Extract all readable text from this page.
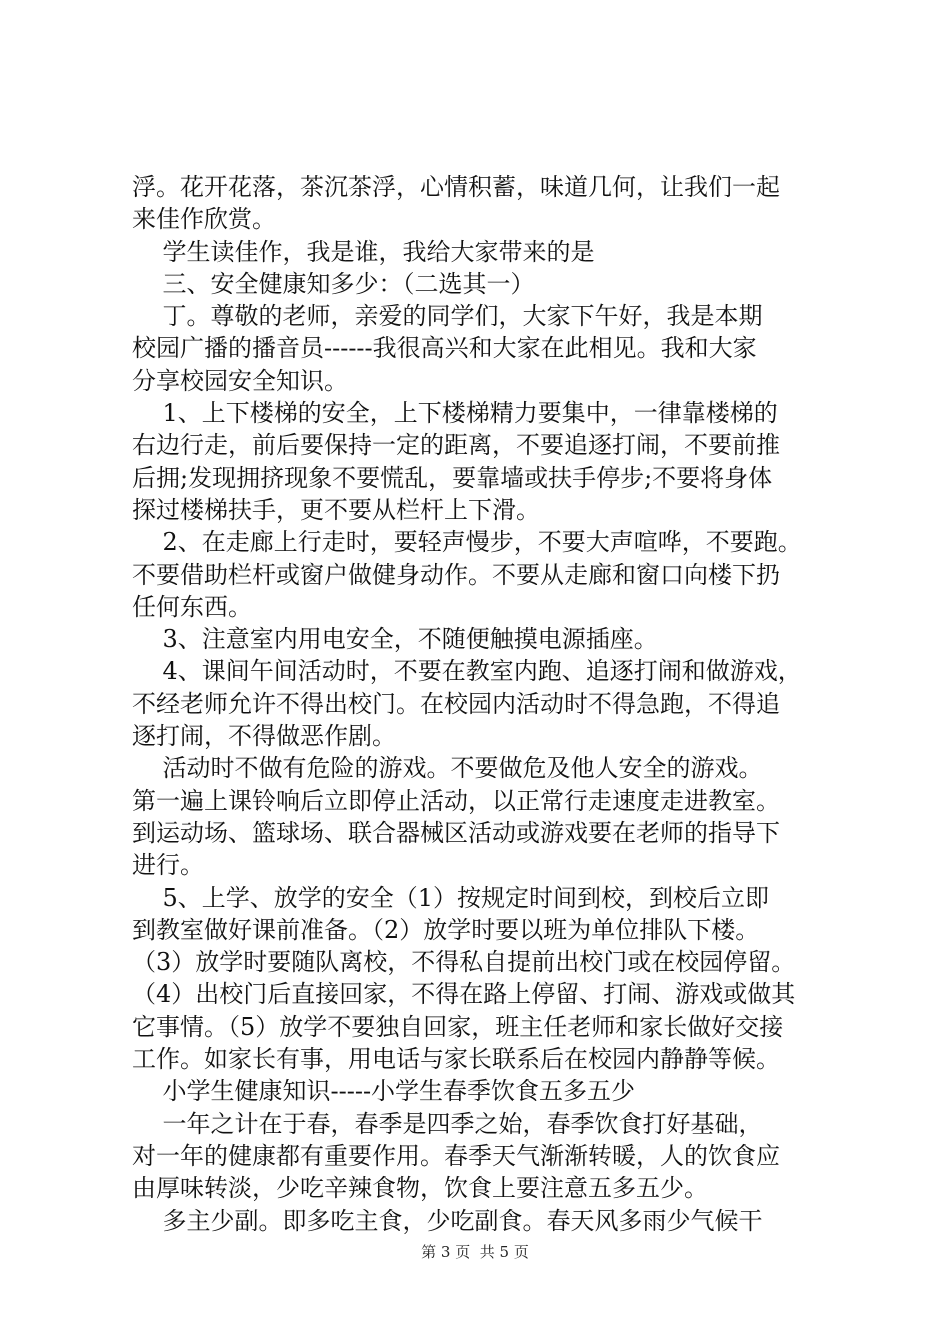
浮。花开花落，茶沉茶浮，心情积蓄，味道几何，让我们一起
来佳作欣赏。
学生读佳作，我是谁，我给大家带来的是
三、安全健康知多少：（二选其一）
丁。尊敬的老师，亲爱的同学们，大家下午好，我是本期
校园广播的播音员------我很高兴和大家在此相见。我和大家
分享校园安全知识。
1、上下楼梯的安全，上下楼梯精力要集中，一律靠楼梯的
右边行走，前后要保持一定的距离，不要追逐打闹，不要前推
后拥;发现拥挤现象不要慌乱，要靠墙或扶手停步;不要将身体
探过楼梯扶手，更不要从栏杆上下滑。
2、在走廊上行走时，要轻声慢步，不要大声喧哗，不要跑。
不要借助栏杆或窗户做健身动作。不要从走廊和窗口向楼下扔
任何东西。
3、注意室内用电安全，不随便触摸电源插座。
4、课间午间活动时，不要在教室内跑、追逐打闹和做游戏，
不经老师允许不得出校门。在校园内活动时不得急跑，不得追
逐打闹，不得做恶作剧。
活动时不做有危险的游戏。不要做危及他人安全的游戏。
第一遍上课铃响后立即停止活动，以正常行走速度走进教室。
到运动场、篮球场、联合器械区活动或游戏要在老师的指导下
进行。
5、上学、放学的安全（1）按规定时间到校，到校后立即
到教室做好课前准备。（2）放学时要以班为单位排队下楼。
（3）放学时要随队离校，不得私自提前出校门或在校园停留。
（4）出校门后直接回家，不得在路上停留、打闹、游戏或做其
它事情。（5）放学不要独自回家，班主任老师和家长做好交接
工作。如家长有事，用电话与家长联系后在校园内静静等候。
小学生健康知识-----小学生春季饮食五多五少
一年之计在于春，春季是四季之始，春季饮食打好基础，
对一年的健康都有重要作用。春季天气渐渐转暖，人的饮食应
由厚味转淡，少吃辛辣食物，饮食上要注意五多五少。
多主少副。即多吃主食，少吃副食。春天风多雨少气候干
第 3 页  共 5 页
